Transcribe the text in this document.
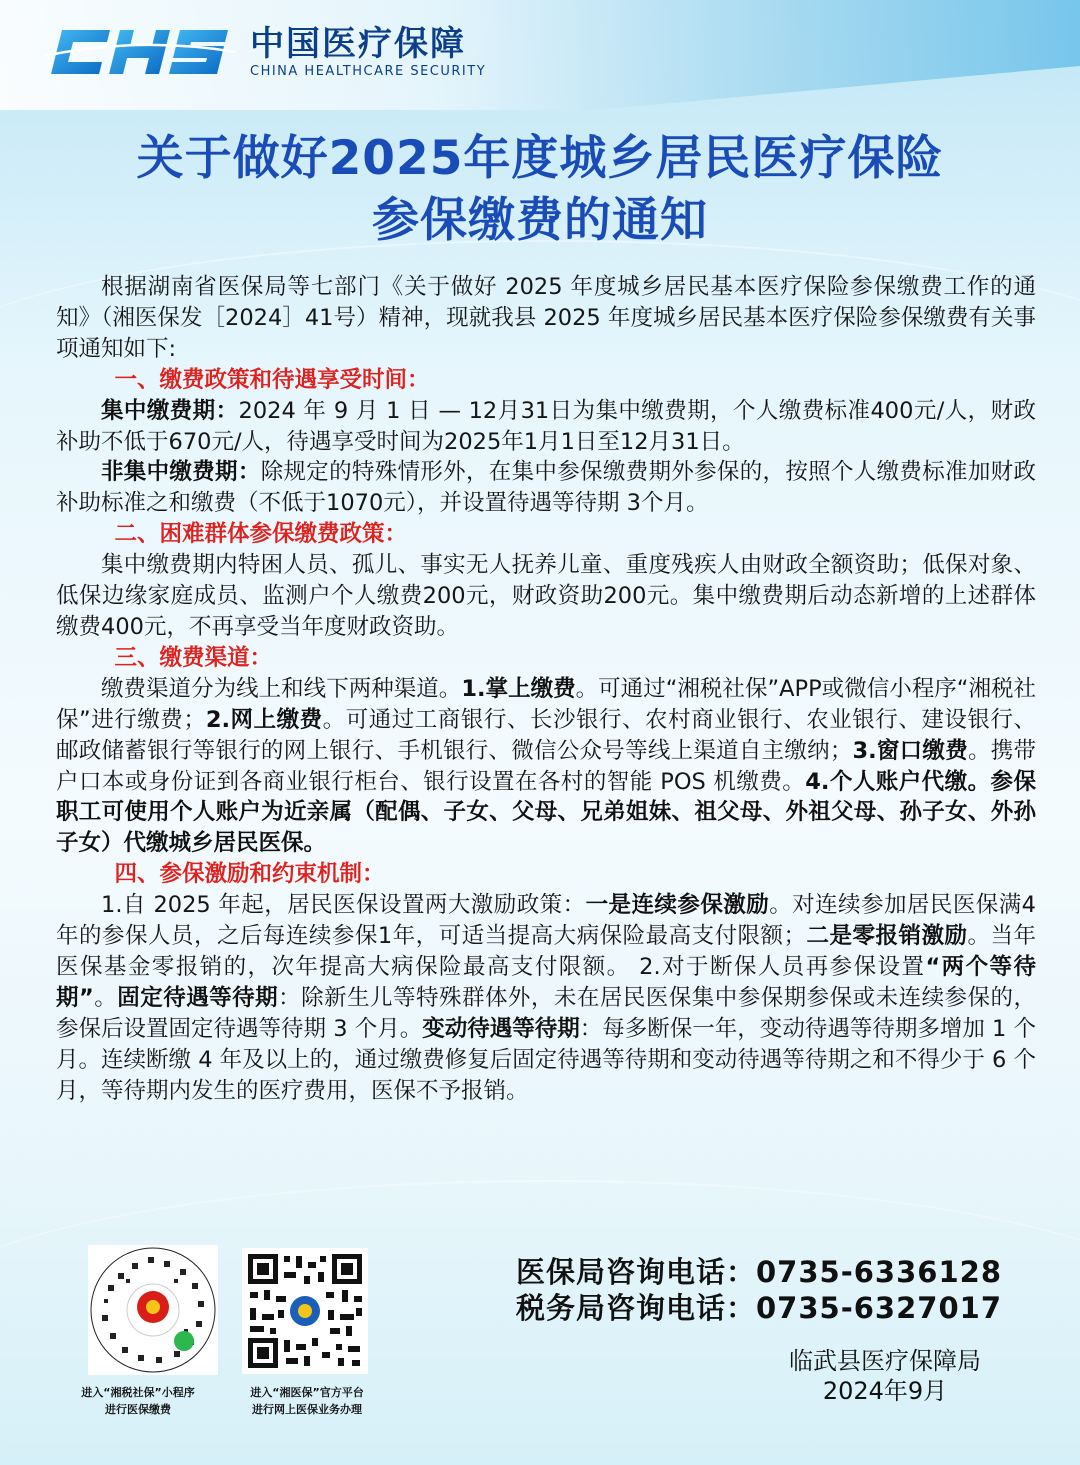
中国医疗保障
CHINA HEALTHCARE SECURITY
关于做好2025年度城乡居民医疗保险
参保缴费的通知

根据湖南省医保局等七部门《关于做好 2025 年度城乡居民基本医疗保险参保缴费工作的通知》（湘医保发［2024］41号）精神，现就我县 2025 年度城乡居民基本医疗保险参保缴费有关事项通知如下:

一、缴费政策和待遇享受时间：

集中缴费期：2024 年 9 月 1 日 — 12月31日为集中缴费期，个人缴费标准400元/人，财政补助不低于670元/人，待遇享受时间为2025年1月1日至12月31日。

非集中缴费期：除规定的特殊情形外，在集中参保缴费期外参保的，按照个人缴费标准加财政补助标准之和缴费（不低于1070元），并设置待遇等待期 3个月。

二、困难群体参保缴费政策：

集中缴费期内特困人员、孤儿、事实无人抚养儿童、重度残疾人由财政全额资助；低保对象、低保边缘家庭成员、监测户个人缴费200元，财政资助200元。集中缴费期后动态新增的上述群体缴费400元，不再享受当年度财政资助。

三、缴费渠道：

缴费渠道分为线上和线下两种渠道。1.掌上缴费。可通过“湘税社保”APP或微信小程序“湘税社保”进行缴费；2.网上缴费。可通过工商银行、长沙银行、农村商业银行、农业银行、建设银行、邮政储蓄银行等银行的网上银行、手机银行、微信公众号等线上渠道自主缴纳；3.窗口缴费。携带户口本或身份证到各商业银行柜台、银行设置在各村的智能 POS 机缴费。4.个人账户代缴。参保职工可使用个人账户为近亲属（配偶、子女、父母、兄弟姐妹、祖父母、外祖父母、孙子女、外孙子女）代缴城乡居民医保。

四、参保激励和约束机制：

1.自 2025 年起，居民医保设置两大激励政策：一是连续参保激励。对连续参加居民医保满4年的参保人员，之后每连续参保1年，可适当提高大病保险最高支付限额；二是零报销激励。当年医保基金零报销的，次年提高大病保险最高支付限额。 2.对于断保人员再参保设置“两个等待期”。固定待遇等待期：除新生儿等特殊群体外，未在居民医保集中参保期参保或未连续参保的，参保后设置固定待遇等待期 3 个月。变动待遇等待期：每多断保一年，变动待遇等待期多增加 1 个月。连续断缴 4 年及以上的，通过缴费修复后固定待遇等待期和变动待遇等待期之和不得少于 6 个月，等待期内发生的医疗费用，医保不予报销。

进入“湘税社保”小程序
进行医保缴费
进入“湘医保”官方平台
进行网上医保业务办理
医保局咨询电话：0735-6336128
税务局咨询电话：0735-6327017
临武县医疗保障局
2024年9月
